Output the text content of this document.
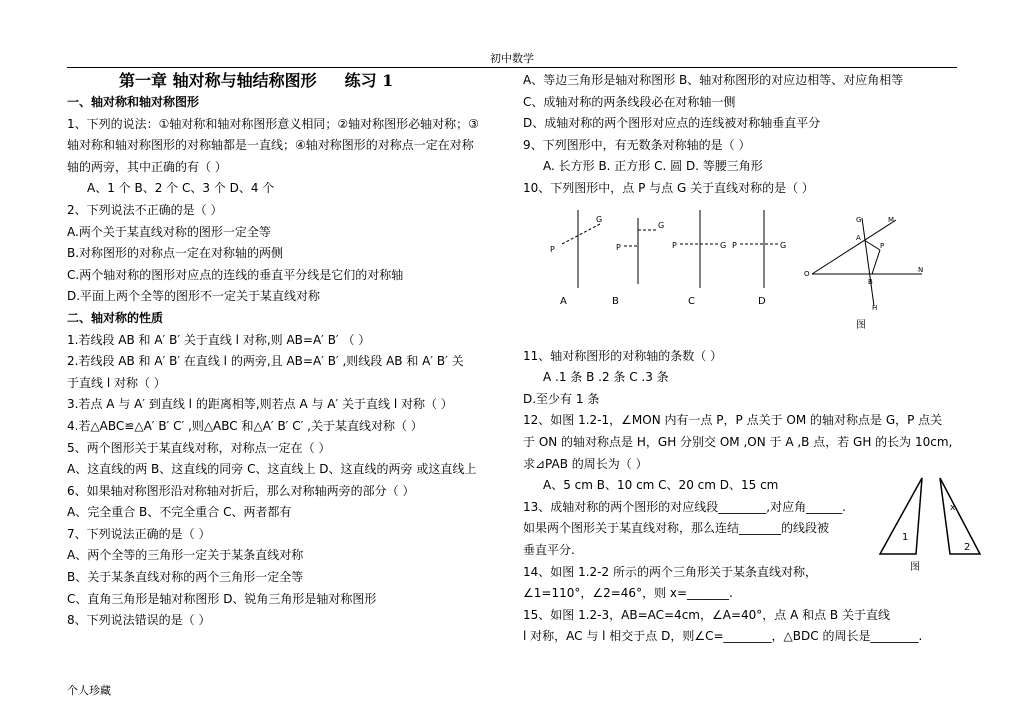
初中数学

第一章 轴对称与轴结称图形 练习 1

一、轴对称和轴对称图形

1、下列的说法：①轴对称和轴对称图形意义相同；②轴对称图形必轴对称；③

轴对称和轴对称图形的对称轴都是一直线；④轴对称图形的对称点一定在对称

轴的两旁，其中正确的有（ ）

A、1 个 B、2 个 C、3 个 D、4 个

2、下列说法不正确的是（ ）

A.两个关于某直线对称的图形一定全等

B.对称图形的对称点一定在对称轴的两侧

C.两个轴对称的图形对应点的连线的垂直平分线是它们的对称轴

D.平面上两个全等的图形不一定关于某直线对称

二、轴对称的性质

1.若线段 AB 和 A′ B′ 关于直线 l 对称,则 AB=A′ B′ （ ）

2.若线段 AB 和 A′ B′ 在直线 l 的两旁,且 AB=A′ B′ ,则线段 AB 和 A′ B′ 关

于直线 l 对称（ ）

3.若点 A 与 A′ 到直线 l 的距离相等,则若点 A 与 A′ 关于直线 l 对称（ ）

4.若△ABC≌△A′ B′ C′ ,则△ABC 和△A′ B′ C′ ,关于某直线对称（ ）

5、两个图形关于某直线对称，对称点一定在（ ）

A、这直线的两 B、这直线的同旁 C、这直线上 D、这直线的两旁 或这直线上

6、如果轴对称图形沿对称轴对折后，那么对称轴两旁的部分（ ）

A、完全重合 B、不完全重合 C、两者都有

7、下列说法正确的是（ ）

A、两个全等的三角形一定关于某条直线对称

B、关于某条直线对称的两个三角形一定全等

C、直角三角形是轴对称图形 D、锐角三角形是轴对称图形

8、下列说法错误的是（ ）

A、等边三角形是轴对称图形 B、轴对称图形的对应边相等、对应角相等

C、成轴对称的两条线段必在对称轴一侧

D、成轴对称的两个图形对应点的连线被对称轴垂直平分

9、下列图形中，有无数条对称轴的是（ ）

A. 长方形 B. 正方形 C. 圆 D. 等腰三角形

10、下列图形中，点 P 与点 G 关于直线对称的是（ ）

11、轴对称图形的对称轴的条数（ ）

A .1 条 B .2 条 C .3 条

D.至少有 1 条

12、如图 1.2-1，∠MON 内有一点 P，P 点关于 OM 的轴对称点是 G，P 点关

于 ON 的轴对称点是 H，GH 分别交 OM ,ON 于 A ,B 点，若 GH 的长为 10cm,

求⊿PAB 的周长为（ ）

A、5 cm B、10 cm C、20 cm D、15 cm

13、成轴对称的两个图形的对应线段________,对应角______.

如果两个图形关于某直线对称，那么连结_______的线段被

垂直平分.

14、如图 1.2-2 所示的两个三角形关于某条直线对称，

∠1=110°，∠2=46°，则 x=_______.

15、如图 1.2-3，AB=AC=4cm，∠A=40°，点 A 和点 B 关于直线

l 对称，AC 与 l 相交于点 D，则∠C=________，△BDC 的周长是________.

P
G
P
G
P	G P	G
A	B	C	D
G	M
A
P
O
B
N
H
图
1
x
2
图
个人珍藏
